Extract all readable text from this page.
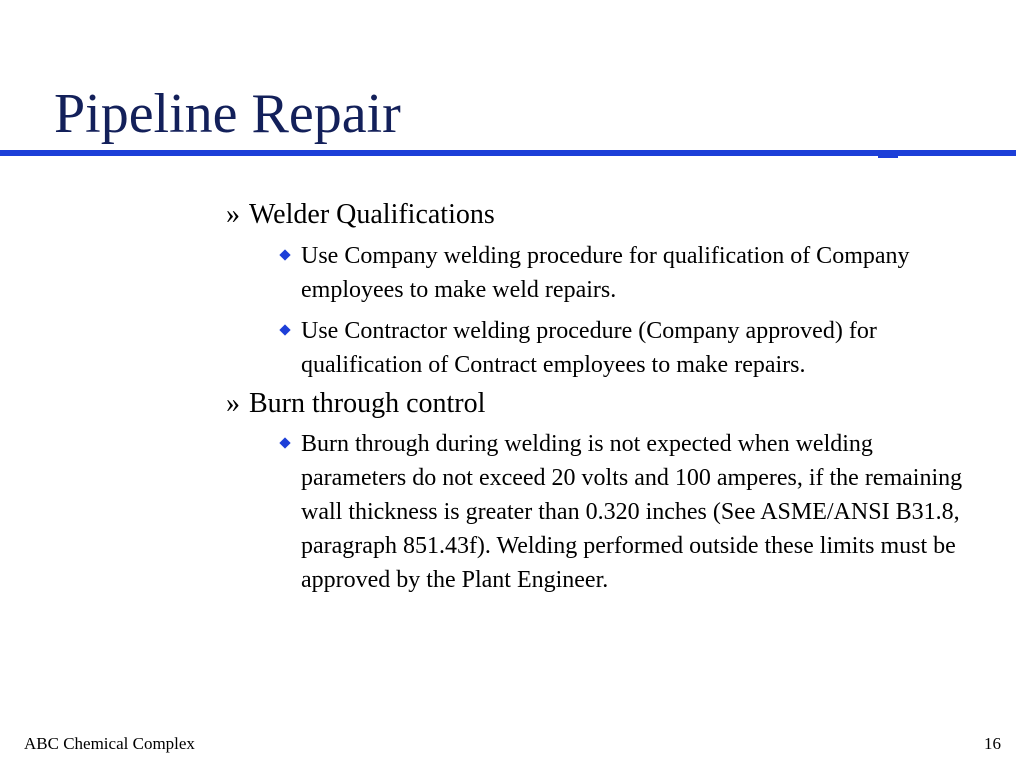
Pipeline Repair
» Welder Qualifications
Use Company welding procedure for qualification of Company employees to make weld repairs.
Use Contractor welding procedure (Company approved) for qualification of Contract employees to make repairs.
» Burn through control
Burn through during welding is not expected when welding parameters do not exceed 20 volts and 100 amperes, if the remaining wall thickness is greater than 0.320 inches (See ASME/ANSI B31.8, paragraph 851.43f). Welding performed outside these limits must be approved by the Plant Engineer.
ABC Chemical Complex	16
